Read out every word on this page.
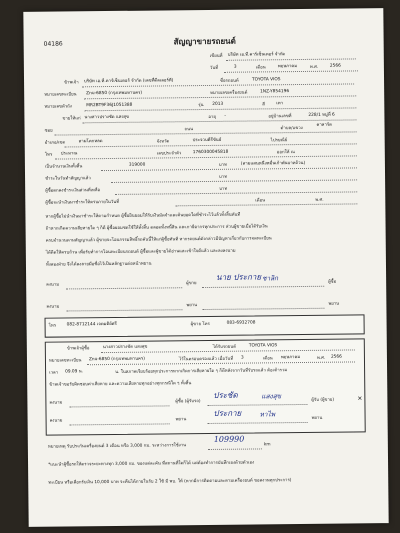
04186	สัญญาขายรถยนต์
เขียนที่ บริษัท เอ.ที.คาร์เซ็นเตอร์ จำกัด
วันที่	3	เดือน	พฤษภาคม	พ.ศ.	2566
ข้าพเจ้า บริษัท เอ.ที.คาร์เซ็นเตอร์ จำกัด (เลขที่ดีลเลอร์ที)	ชื่อรถยนต์	TOYOTA VIOS
หมายเลขทะเบียน Znu-6850 (กรุงเทพมหานคร)	หมายเลขเครื่องยนต์	1NZ-Y854196
หมายเลขตัวถัง	MR2BT9F36J1051388	รุ่น 2013	สี	เทา
ขายให้แก่ นางสาวปรางชัด แสงสุข	อายุ -	อยู่บ้านเลขที่	228/1 หมู่ที่ 6
ซอย	ถนน	ตำบล/แขวง
คาลาร์ต
อำเภอ/เขต	สามโคกหลด	จังหวัด	ประจวบคีรีขันธ์	ไปรษณีย์
โทร ประมาณ	เลขประจำตัว	1760300045818	ออกให้ ณ
เป็นจำนวนเงินทั้งสิ้น	319000	บาท	(สามแสนหนึ่งหมื่นเก้าพันบาทถ้วน)
ชำระในวันทำสัญญาแล้ว	บาท
ผู้ซื้อตกลงชำระเงินส่วนที่เหลือ	บาท
ผู้ซื้อจะนำเงินมาชำระให้ครบภายในวันที่	เดือน	พ.ศ.
หากผู้ซื้อไม่นำเงินมาชำระให้ตามกำหนด ผู้ซื้อยินยอมให้รับเงินมัดจำและค้นยอดใดที่ชำระไว้แล้วทั้งสิ้นทันที
ถ้าหากเกิดความเสียหายใด ๆ ก็ดี ผู้ซื้อยอมชดใช้ให้ทั้งสิ้น ตลอดทั้งหนี้สิน และภาษีอากรทุกประการ ส่วนผู้ขายเมื่อได้รับเงิน
ครบจำนวนตามสัญญาแล้ว ผู้ขายจะโอนกรรมสิทธิ์รถคันนี้ให้แก่ผู้ซื้อทันที หากรถยนต์ดังกล่าวมีปัญหาเกี่ยวกับการจดทะเบียน
ได้ติดให้ครบถ้วน เพื่อรับทำการโอนทะเบียนรถยนต์ ผู้ซื้อและผู้ขายได้อ่านและเข้าใจดีแล้ว และลงลงนาม
ทั้งสองฝ่าย จึงได้ลงลายมือชื่อไว้เป็นหลักฐานต่อหน้าพยาน
ลงนาม	ผู้ขาย
นาย ประกาย ชาลิก	ผู้ซื้อ
ลงนาม	พยาน	พยาน
โทร 082-8712144 เจตมติย์ศรี	ผู้ขาย โทร	083-6932708
ข้าพเจ้าผู้ซื้อ	นางสาวปรางชัด แสงสุข	ได้รับรถยนต์	TOYOTA VIOS
หมายเลขทะเบียน Znu-6850 (กรุงเทพมหานคร)	ไว้ในครอบครองแล้ว เมื่อวันที่ 3	เดือน พฤษภาคม	พ.ศ. 2566
เวลา 09.09 น.	น. ในสภาพเรียบร้อยทุกประการหากเกิดการเสียหายใด ๆ ก็ดีหลังจากวันที่รับรถแล้ว ต้องถ้ารวม
ข้าพเจ้าขอรับผิดชอบค่าเสียหาย และความเสียหายทุกอย่างทุกกรณีใด ๆ ทั้งสิ้น
ลงนาม	ผู้ซื้อ (ผู้รับรถ)
ประชัด	แสงสุข	ผู้รับ (ผู้ขาย)	✕
ลงนาม	พยาน
ประกาย	หาไพ	พยาน
หมายเหตุ รับประกันเครื่องยนต์ 3 เดือน หรือ 3,000 กม. ระหว่างการใช้งาน
109990
km
*แนะนำผู้ซื้อรถให้ตรวจระยะทางทุก 3,000 กม. ของแต่ละคัน ที่สถานที่ใดก็ได้ แต่ต้องทำการบันทึกเองด้วยตัวเอง
ทะเบียน หรือเลือกรับเงิน 10,000 บาท จะคืนได้ภายในรับ 2 ใช้ มี พบ. ให้ (หากมีการติดตามและตามเครื่องยนต์ ขอสงวนทุกประการ)
